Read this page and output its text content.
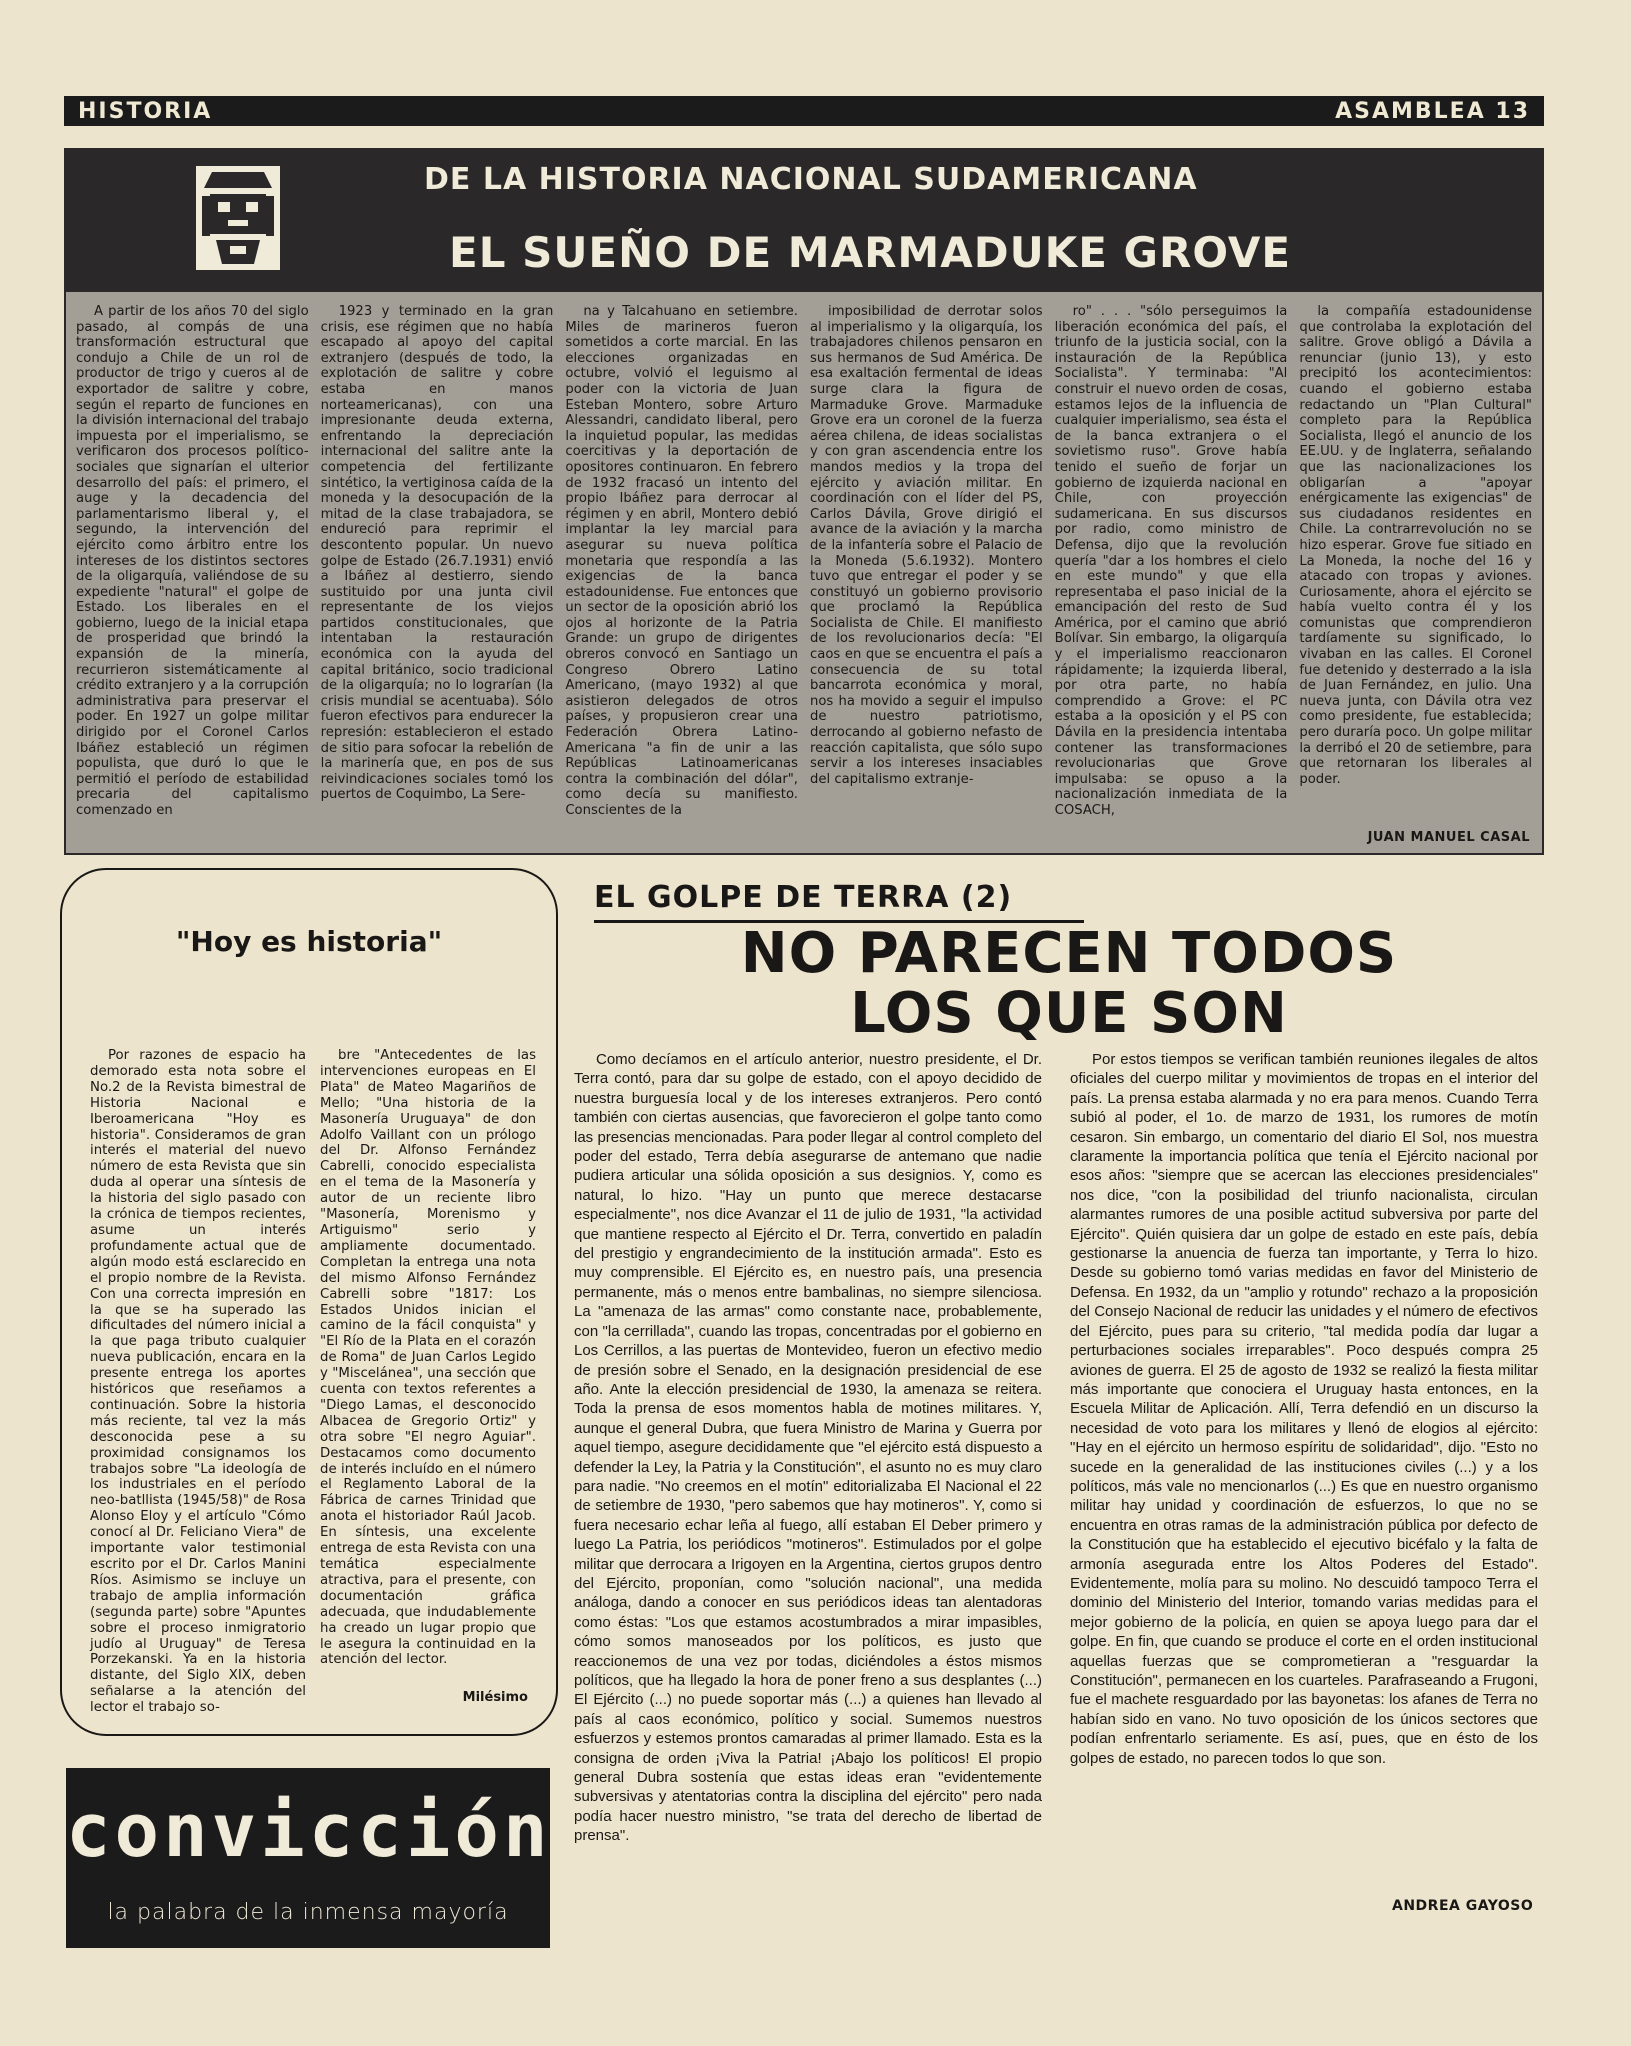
HISTORIA	ASAMBLEA 13
DE LA HISTORIA NACIONAL SUDAMERICANA
EL SUEÑO DE MARMADUKE GROVE

A partir de los años 70 del siglo pasado, al compás de una transformación estructural que condujo a Chile de un rol de productor de trigo y cueros al de exportador de salitre y cobre, según el reparto de funciones en la división internacional del trabajo impuesta por el imperialismo, se verificaron dos procesos político-sociales que signarían el ulterior desarrollo del país: el primero, el auge y la decadencia del parlamentarismo liberal y, el segundo, la intervención del ejército como árbitro entre los intereses de los distintos sectores de la oligarquía, valiéndose de su expediente "natural" el golpe de Estado. Los liberales en el gobierno, luego de la inicial etapa de prosperidad que brindó la expansión de la minería, recurrieron sistemáticamente al crédito extranjero y a la corrupción administrativa para preservar el poder. En 1927 un golpe militar dirigido por el Coronel Carlos Ibáñez estableció un régimen populista, que duró lo que le permitió el período de estabilidad precaria del capitalismo comenzado en

1923 y terminado en la gran crisis, ese régimen que no había escapado al apoyo del capital extranjero (después de todo, la explotación de salitre y cobre estaba en manos norteamericanas), con una impresionante deuda externa, enfrentando la depreciación internacional del salitre ante la competencia del fertilizante sintético, la vertiginosa caída de la moneda y la desocupación de la mitad de la clase trabajadora, se endureció para reprimir el descontento popular. Un nuevo golpe de Estado (26.7.1931) envió a Ibáñez al destierro, siendo sustituido por una junta civil representante de los viejos partidos constitucionales, que intentaban la restauración económica con la ayuda del capital británico, socio tradicional de la oligarquía; no lo lograrían (la crisis mundial se acentuaba). Sólo fueron efectivos para endurecer la represión: establecieron el estado de sitio para sofocar la rebelión de la marinería que, en pos de sus reivindicaciones sociales tomó los puertos de Coquimbo, La Sere-

na y Talcahuano en setiembre. Miles de marineros fueron sometidos a corte marcial. En las elecciones organizadas en octubre, volvió el leguismo al poder con la victoria de Juan Esteban Montero, sobre Arturo Alessandri, candidato liberal, pero la inquietud popular, las medidas coercitivas y la deportación de opositores continuaron. En febrero de 1932 fracasó un intento del propio Ibáñez para derrocar al régimen y en abril, Montero debió implantar la ley marcial para asegurar su nueva política monetaria que respondía a las exigencias de la banca estadounidense. Fue entonces que un sector de la oposición abrió los ojos al horizonte de la Patria Grande: un grupo de dirigentes obreros convocó en Santiago un Congreso Obrero Latino Americano, (mayo 1932) al que asistieron delegados de otros países, y propusieron crear una Federación Obrera Latino-Americana "a fin de unir a las Repúblicas Latinoamericanas contra la combinación del dólar", como decía su manifiesto. Conscientes de la

imposibilidad de derrotar solos al imperialismo y la oligarquía, los trabajadores chilenos pensaron en sus hermanos de Sud América. De esa exaltación fermental de ideas surge clara la figura de Marmaduke Grove. Marmaduke Grove era un coronel de la fuerza aérea chilena, de ideas socialistas y con gran ascendencia entre los mandos medios y la tropa del ejército y aviación militar. En coordinación con el líder del PS, Carlos Dávila, Grove dirigió el avance de la aviación y la marcha de la infantería sobre el Palacio de la Moneda (5.6.1932). Montero tuvo que entregar el poder y se constituyó un gobierno provisorio que proclamó la República Socialista de Chile. El manifiesto de los revolucionarios decía: "El caos en que se encuentra el país a consecuencia de su total bancarrota económica y moral, nos ha movido a seguir el impulso de nuestro patriotismo, derrocando al gobierno nefasto de reacción capitalista, que sólo supo servir a los intereses insaciables del capitalismo extranje-

ro" . . . "sólo perseguimos la liberación económica del país, el triunfo de la justicia social, con la instauración de la República Socialista". Y terminaba: "Al construir el nuevo orden de cosas, estamos lejos de la influencia de cualquier imperialismo, sea ésta el de la banca extranjera o el sovietismo ruso". Grove había tenido el sueño de forjar un gobierno de izquierda nacional en Chile, con proyección sudamericana. En sus discursos por radio, como ministro de Defensa, dijo que la revolución quería "dar a los hombres el cielo en este mundo" y que ella representaba el paso inicial de la emancipación del resto de Sud América, por el camino que abrió Bolívar. Sin embargo, la oligarquía y el imperialismo reaccionaron rápidamente; la izquierda liberal, por otra parte, no había comprendido a Grove: el PC estaba a la oposición y el PS con Dávila en la presidencia intentaba contener las transformaciones revolucionarias que Grove impulsaba: se opuso a la nacionalización inmediata de la COSACH,

la compañía estadounidense que controlaba la explotación del salitre. Grove obligó a Dávila a renunciar (junio 13), y esto precipitó los acontecimientos: cuando el gobierno estaba redactando un "Plan Cultural" completo para la República Socialista, llegó el anuncio de los EE.UU. y de Inglaterra, señalando que las nacionalizaciones los obligarían a "apoyar enérgicamente las exigencias" de sus ciudadanos residentes en Chile. La contrarrevolución no se hizo esperar. Grove fue sitiado en La Moneda, la noche del 16 y atacado con tropas y aviones. Curiosamente, ahora el ejército se había vuelto contra él y los comunistas que comprendieron tardíamente su significado, lo vivaban en las calles. El Coronel fue detenido y desterrado a la isla de Juan Fernández, en julio. Una nueva junta, con Dávila otra vez como presidente, fue establecida; pero duraría poco. Un golpe militar la derribó el 20 de setiembre, para que retornaran los liberales al poder.

JUAN MANUEL CASAL
"Hoy es historia"

Por razones de espacio ha demorado esta nota sobre el No.2 de la Revista bimestral de Historia Nacional e Iberoamericana "Hoy es historia". Consideramos de gran interés el material del nuevo número de esta Revista que sin duda al operar una síntesis de la historia del siglo pasado con la crónica de tiempos recientes, asume un interés profundamente actual que de algún modo está esclarecido en el propio nombre de la Revista. Con una correcta impresión en la que se ha superado las dificultades del número inicial a la que paga tributo cualquier nueva publicación, encara en la presente entrega los aportes históricos que reseñamos a continuación. Sobre la historia más reciente, tal vez la más desconocida pese a su proximidad consignamos los trabajos sobre "La ideología de los industriales en el período neo-batllista (1945/58)" de Rosa Alonso Eloy y el artículo "Cómo conocí al Dr. Feliciano Viera" de importante valor testimonial escrito por el Dr. Carlos Manini Ríos. Asimismo se incluye un trabajo de amplia información (segunda parte) sobre "Apuntes sobre el proceso inmigratorio judío al Uruguay" de Teresa Porzekanski. Ya en la historia distante, del Siglo XIX, deben señalarse a la atención del lector el trabajo so-

bre "Antecedentes de las intervenciones europeas en El Plata" de Mateo Magariños de Mello; "Una historia de la Masonería Uruguaya" de don Adolfo Vaillant con un prólogo del Dr. Alfonso Fernández Cabrelli, conocido especialista en el tema de la Masonería y autor de un reciente libro "Masonería, Morenismo y Artiguismo" serio y ampliamente documentado. Completan la entrega una nota del mismo Alfonso Fernández Cabrelli sobre "1817: Los Estados Unidos inician el camino de la fácil conquista" y "El Río de la Plata en el corazón de Roma" de Juan Carlos Legido y "Miscelánea", una sección que cuenta con textos referentes a "Diego Lamas, el desconocido Albacea de Gregorio Ortiz" y otra sobre "El negro Aguiar". Destacamos como documento de interés incluído en el número el Reglamento Laboral de la Fábrica de carnes Trinidad que anota el historiador Raúl Jacob. En síntesis, una excelente entrega de esta Revista con una temática especialmente atractiva, para el presente, con documentación gráfica adecuada, que indudablemente ha creado un lugar propio que le asegura la continuidad en la atención del lector.

Milésimo
convicción
la palabra de la inmensa mayoría
EL GOLPE DE TERRA (2)
NO PARECEN TODOS
LOS QUE SON

Como decíamos en el artículo anterior, nuestro presidente, el Dr. Terra contó, para dar su golpe de estado, con el apoyo decidido de nuestra burguesía local y de los intereses extranjeros. Pero contó también con ciertas ausencias, que favorecieron el golpe tanto como las presencias mencionadas. Para poder llegar al control completo del poder del estado, Terra debía asegurarse de antemano que nadie pudiera articular una sólida oposición a sus designios. Y, como es natural, lo hizo. "Hay un punto que merece destacarse especialmente", nos dice Avanzar el 11 de julio de 1931, "la actividad que mantiene respecto al Ejército el Dr. Terra, convertido en paladín del prestigio y engrandecimiento de la institución armada". Esto es muy comprensible. El Ejército es, en nuestro país, una presencia permanente, más o menos entre bambalinas, no siempre silenciosa. La "amenaza de las armas" como constante nace, probablemente, con "la cerrillada", cuando las tropas, concentradas por el gobierno en Los Cerrillos, a las puertas de Montevideo, fueron un efectivo medio de presión sobre el Senado, en la designación presidencial de ese año. Ante la elección presidencial de 1930, la amenaza se reitera. Toda la prensa de esos momentos habla de motines militares. Y, aunque el general Dubra, que fuera Ministro de Marina y Guerra por aquel tiempo, asegure decididamente que "el ejército está dispuesto a defender la Ley, la Patria y la Constitución", el asunto no es muy claro para nadie. "No creemos en el motín" editorializaba El Nacional el 22 de setiembre de 1930, "pero sabemos que hay motineros". Y, como si fuera necesario echar leña al fuego, allí estaban El Deber primero y luego La Patria, los periódicos "motineros". Estimulados por el golpe militar que derrocara a Irigoyen en la Argentina, ciertos grupos dentro del Ejército, proponían, como "solución nacional", una medida análoga, dando a conocer en sus periódicos ideas tan alentadoras como éstas: "Los que estamos acostumbrados a mirar impasibles, cómo somos manoseados por los políticos, es justo que reaccionemos de una vez por todas, diciéndoles a éstos mismos políticos, que ha llegado la hora de poner freno a sus desplantes (...) El Ejército (...) no puede soportar más (...) a quienes han llevado al país al caos económico, político y social. Sumemos nuestros esfuerzos y estemos prontos camaradas al primer llamado. Esta es la consigna de orden ¡Viva la Patria! ¡Abajo los políticos! El propio general Dubra sostenía que estas ideas eran "evidentemente subversivas y atentatorias contra la disciplina del ejército" pero nada podía hacer nuestro ministro, "se trata del derecho de libertad de prensa".

Por estos tiempos se verifican también reuniones ilegales de altos oficiales del cuerpo militar y movimientos de tropas en el interior del país. La prensa estaba alarmada y no era para menos. Cuando Terra subió al poder, el 1o. de marzo de 1931, los rumores de motín cesaron. Sin embargo, un comentario del diario El Sol, nos muestra claramente la importancia política que tenía el Ejército nacional por esos años: "siempre que se acercan las elecciones presidenciales" nos dice, "con la posibilidad del triunfo nacionalista, circulan alarmantes rumores de una posible actitud subversiva por parte del Ejército". Quién quisiera dar un golpe de estado en este país, debía gestionarse la anuencia de fuerza tan importante, y Terra lo hizo. Desde su gobierno tomó varias medidas en favor del Ministerio de Defensa. En 1932, da un "amplio y rotundo" rechazo a la proposición del Consejo Nacional de reducir las unidades y el número de efectivos del Ejército, pues para su criterio, "tal medida podía dar lugar a perturbaciones sociales irreparables". Poco después compra 25 aviones de guerra. El 25 de agosto de 1932 se realizó la fiesta militar más importante que conociera el Uruguay hasta entonces, en la Escuela Militar de Aplicación. Allí, Terra defendió en un discurso la necesidad de voto para los militares y llenó de elogios al ejército: "Hay en el ejército un hermoso espíritu de solidaridad", dijo. "Esto no sucede en la generalidad de las instituciones civiles (...) y a los políticos, más vale no mencionarlos (...) Es que en nuestro organismo militar hay unidad y coordinación de esfuerzos, lo que no se encuentra en otras ramas de la administración pública por defecto de la Constitución que ha establecido el ejecutivo bicéfalo y la falta de armonía asegurada entre los Altos Poderes del Estado". Evidentemente, molía para su molino. No descuidó tampoco Terra el dominio del Ministerio del Interior, tomando varias medidas para el mejor gobierno de la policía, en quien se apoya luego para dar el golpe. En fin, que cuando se produce el corte en el orden institucional aquellas fuerzas que se comprometieran a "resguardar la Constitución", permanecen en los cuarteles. Parafraseando a Frugoni, fue el machete resguardado por las bayonetas: los afanes de Terra no habían sido en vano. No tuvo oposición de los únicos sectores que podían enfrentarlo seriamente. Es así, pues, que en ésto de los golpes de estado, no parecen todos lo que son.

ANDREA GAYOSO
